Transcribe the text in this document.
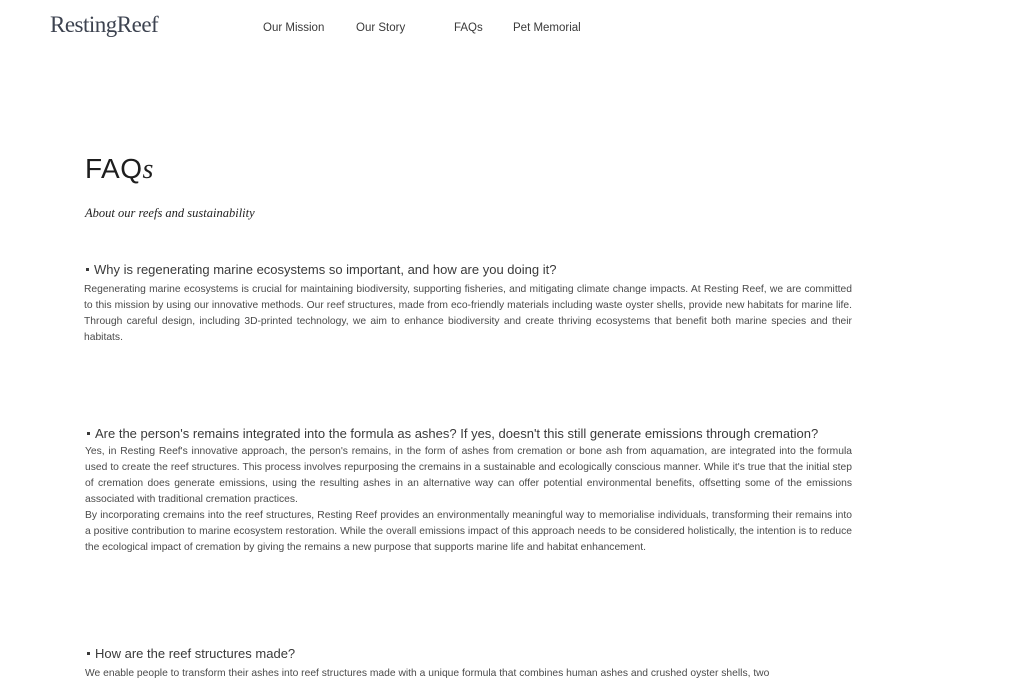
RestingReef	Our Mission	Our Story	FAQs	Pet Memorial
FAQs
About our reefs and sustainability
Why is regenerating marine ecosystems so important, and how are you doing it?

Regenerating marine ecosystems is crucial for maintaining biodiversity, supporting fisheries, and mitigating climate change impacts. At Resting Reef, we are committed to this mission by using our innovative methods. Our reef structures, made from eco-friendly materials including waste oyster shells, provide new habitats for marine life. Through careful design, including 3D-printed technology, we aim to enhance biodiversity and create thriving ecosystems that benefit both marine species and their habitats.

Are the person's remains integrated into the formula as ashes? If yes, doesn't this still generate emissions through cremation?

Yes, in Resting Reef's innovative approach, the person's remains, in the form of ashes from cremation or bone ash from aquamation, are integrated into the formula used to create the reef structures. This process involves repurposing the cremains in a sustainable and ecologically conscious manner. While it's true that the initial step of cremation does generate emissions, using the resulting ashes in an alternative way can offer potential environmental benefits, offsetting some of the emissions associated with traditional cremation practices.

By incorporating cremains into the reef structures, Resting Reef provides an environmentally meaningful way to memorialise individuals, transforming their remains into a positive contribution to marine ecosystem restoration. While the overall emissions impact of this approach needs to be considered holistically, the intention is to reduce the ecological impact of cremation by giving the remains a new purpose that supports marine life and habitat enhancement.

How are the reef structures made?

We enable people to transform their ashes into reef structures made with a unique formula that combines human ashes and crushed oyster shells, two
